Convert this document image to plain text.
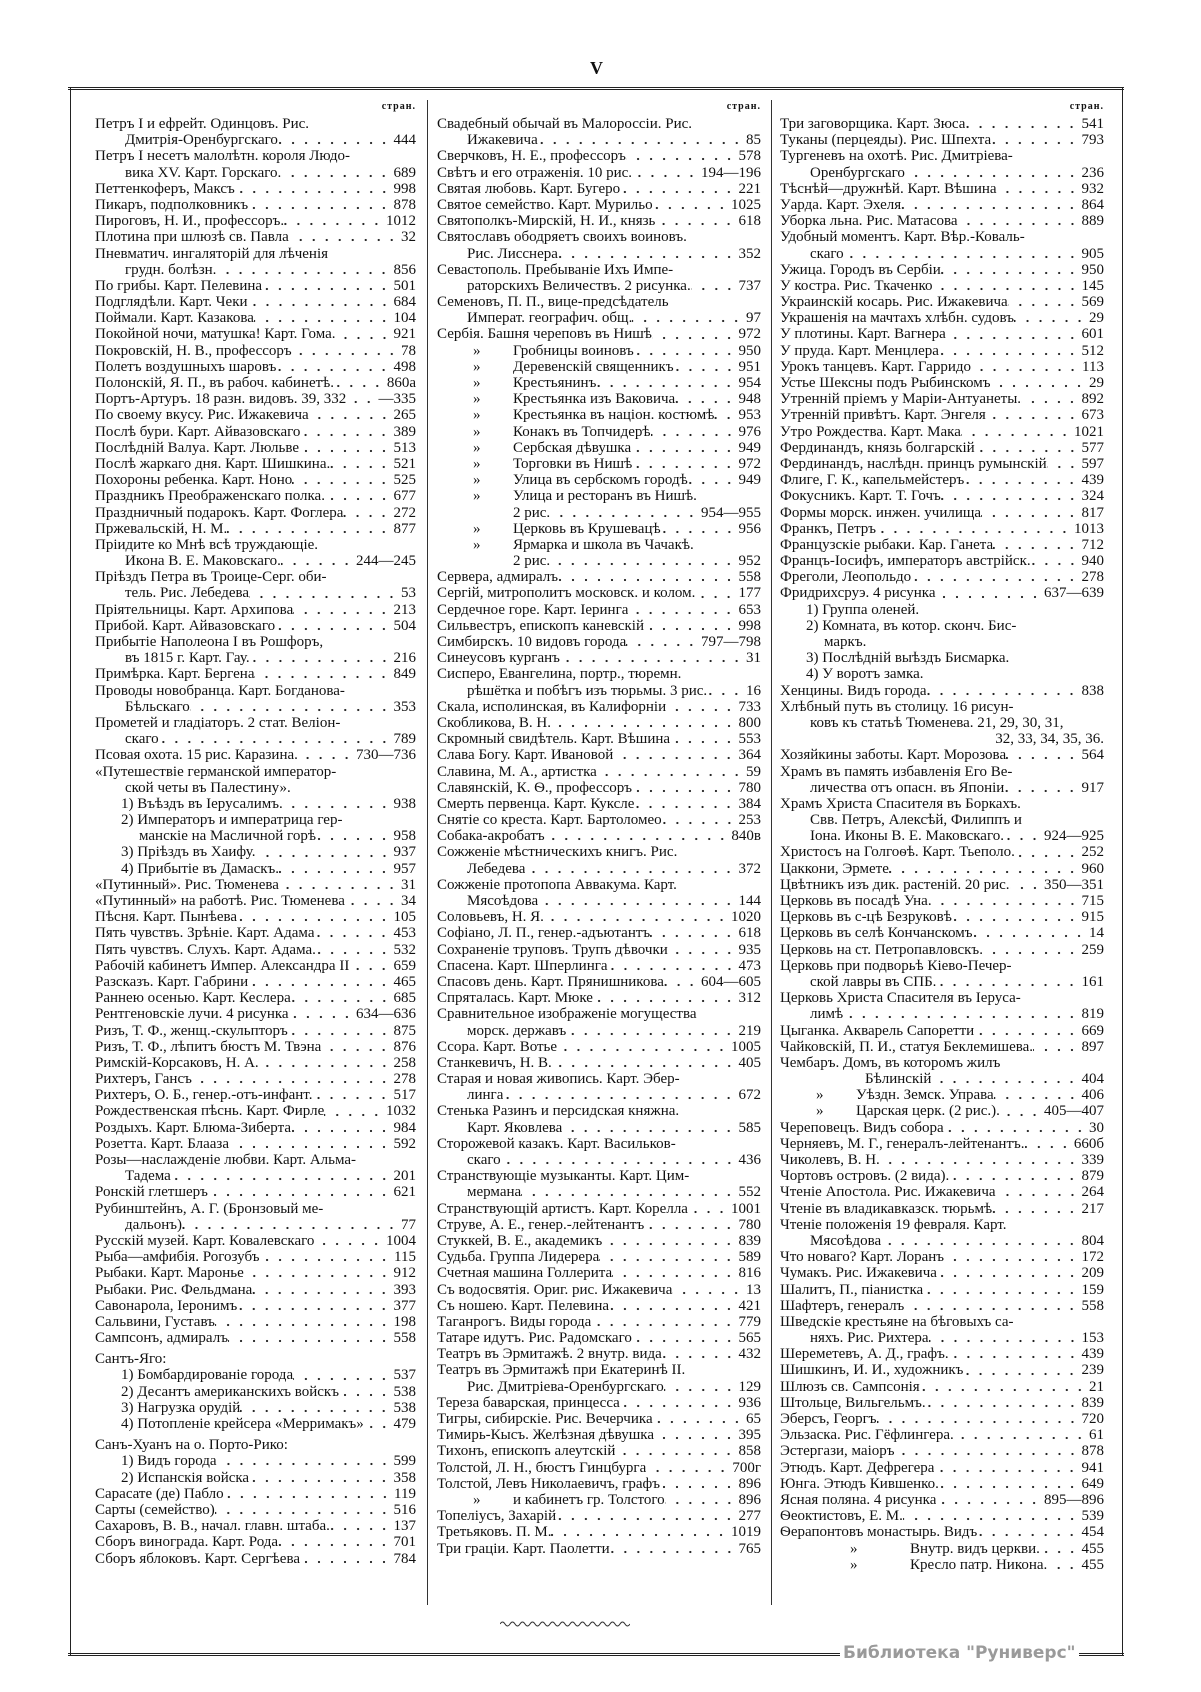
V
стран.
Петръ I и ефрейт. Одинцовъ. Рис.
Дмитрія-Оренбургскаго	444
Петръ I несетъ малолѣтн. короля Людо-
вика XV. Карт. Горскаго.	689
Петтенкоферъ, Максъ	998
Пикаръ, подполковникъ	878
Пироговъ, Н. И., профессоръ.	1012
Плотина при шлюзѣ св. Павла	32
Пневматич. ингаляторій для лѣченія
грудн. болѣзн.	856
По грибы. Карт. Пелевина	501
Подглядѣли. Карт. Чеки	684
Поймали. Карт. Казакова	104
Покойной ночи, матушка! Карт. Гома.	921
Покровскій, Н. В., профессоръ	78
Полетъ воздушныхъ шаровъ	498
Полонскій, Я. П., въ рабоч. кабинетѣ.	860а
Портъ-Артуръ. 18 разн. видовъ. 39, 332 —335
По своему вкусу. Рис. Ижакевича	265
Послѣ бури. Карт. Айвазовскаго	389
Послѣдній Валуа. Карт. Люльве	513
Послѣ жаркаго дня. Карт. Шишкина.	521
Похороны ребенка. Карт. Ноно	525
Праздникъ Преображенскаго полка.	677
Праздничный подарокъ. Карт. Фоглера	272
Пржевальскій, Н. М.	877
Пріидите ко Мнѣ всѣ труждающіе.
Икона В. Е. Маковскаго.	244—245
Пріѣздъ Петра въ Троице-Серг. оби-
тель. Рис. Лебедева	53
Пріятельницы. Карт. Архипова	213
Прибой. Карт. Айвазовскаго	504
Прибытіе Наполеона I въ Рошфоръ,
въ 1815 г. Карт. Гау.	216
Примѣрка. Карт. Бергена	849
Проводы новобранца. Карт. Богданова-
Бѣльскаго	353
Прометей и гладіаторъ. 2 стат. Веліон-
скаго	789
Псовая охота. 15 рис. Каразина.	730—736
«Путешествіе германской император-
ской четы въ Палестину».
1) Въѣздъ въ Іерусалимъ.	938
2) Императоръ и императрица гер-
манскіе на Масличной горѣ	958
3) Пріѣздъ въ Хаифу.	937
4) Прибытіе въ Дамаскъ.	957
«Путинный». Рис. Тюменева	31
«Путинный» на работѣ. Рис. Тюменева	34
Пѣсня. Карт. Пынѣева	105
Пять чувствъ. Зрѣніе. Карт. Адама	453
Пять чувствъ. Слухъ. Карт. Адама.	532
Рабочій кабинетъ Импер. Александра II	659
Разсказъ. Карт. Габрини	465
Раннею осенью. Карт. Кеслера	685
Рентгеновскіе лучи. 4 рисунка	634—636
Ризъ, Т. Ф., женщ.-скульпторъ	875
Ризъ, Т. Ф., лѣпитъ бюстъ М. Твэна	876
Римскій-Корсаковъ, Н. А.	258
Рихтеръ, Гансъ	278
Рихтеръ, О. Б., генер.-отъ-инфант.	517
Рождественская пѣснь. Карт. Фирле	1032
Роздыхъ. Карт. Блюма-Зиберта	984
Розетта. Карт. Блааза	592
Розы—наслажденіе любви. Карт. Альма-
Тадема	201
Ронскій глетшеръ	621
Рубинштейнъ, А. Г. (Бронзовый ме-
дальонъ)	77
Русскій музей. Карт. Ковалевскаго	1004
Рыба—амфибія. Рогозубъ	115
Рыбаки. Карт. Маронье	912
Рыбаки. Рис. Фельдмана	393
Савонарола, Іеронимъ	377
Сальвини, Густавъ	198
Сампсонъ, адмиралъ	558
Сантъ-Яго:
1) Бомбардированіе города	537
2) Десантъ американскихъ войскъ	538
3) Нагрузка орудій	538
4) Потопленіе крейсера «Мерримакъ» 479
Санъ-Хуанъ на о. Порто-Рико:
1) Видъ города	599
2) Испанскія войска	358
Сарасате (де) Пабло	119
Сарты (семейство)	516
Сахаровъ, В. В., начал. главн. штаба.	137
Сборъ винограда. Карт. Рода	701
Сборъ яблоковъ. Карт. Сергѣева	784
стран.
Свадебный обычай въ Малороссіи. Рис.
Ижакевича	85
Сверчковъ, Н. Е., профессоръ	578
Свѣтъ и его отраженія. 10 рис.	194—196
Святая любовь. Карт. Бугеро	221
Святое семейство. Карт. Мурильо	1025
Святополкъ-Мирскій, Н. И., князь	618
Святославъ ободряетъ своихъ воиновъ.
Рис. Лисснера	352
Севастополь. Пребываніе Ихъ Импе-
раторскихъ Величествъ. 2 рисунка.	737
Семеновъ, П. П., вице-предсѣдатель
Императ. географич. общ.	97
Сербія. Башня череповъ въ Нишѣ	972
»	Гробницы воиновъ	950
»	Деревенскій священникъ	951
»	Крестьянинъ	954
»	Крестьянка изъ Ваковича	948
»	Крестьянка въ націон. костюмѣ 953
»	Конакъ въ Топчидерѣ	976
»	Сербская дѣвушка	949
»	Торговки въ Нишѣ	972
»	Улица въ сербскомъ городѣ	949
»	Улица и ресторанъ въ Нишѣ.
2 рис.	954—955
»	Церковь въ Крушевацѣ	956
»	Ярмарка и школа въ Чачакѣ.
2 рис.	952
Сервера, адмиралъ	558
Сергій, митрополитъ московск. и колом.	177
Сердечное горе. Карт. Іеринга	653
Сильвестръ, епископъ каневскій	998
Симбирскъ. 10 видовъ города	797—798
Синеусовъ курганъ	31
Сисперо, Евангелина, портр., тюремн.
рѣшётка и побѣгъ изъ тюрьмы. 3 рис.	16
Скала, исполинская, въ Калифорніи	733
Скобликова, В. Н.	800
Скромный свидѣтель. Карт. Вѣшина	553
Слава Богу. Карт. Ивановой	364
Славина, М. А., артистка	59
Славянскій, К. Ѳ., профессоръ	780
Смерть первенца. Карт. Куксле	384
Снятіе со креста. Карт. Бартоломео	253
Собака-акробатъ	840в
Сожженіе мѣстническихъ книгъ. Рис.
Лебедева	372
Сожженіе протопопа Аввакума. Карт.
Мясоѣдова	144
Соловьевъ, Н. Я.	1020
Софіано, Л. П., генер.-адъютантъ	618
Сохраненіе труповъ. Трупъ дѣвочки	935
Спасена. Карт. Шперлинга	473
Спасовъ день. Карт. Прянишникова 604—605
Спряталась. Карт. Мюке	312
Сравнительное изображеніе могущества
морск. державъ	219
Ссора. Карт. Вотье	1005
Станкевичъ, Н. В.	405
Старая и новая живопись. Карт. Эбер-
линга	672
Стенька Разинъ и персидская княжна.
Карт. Яковлева	585
Сторожевой казакъ. Карт. Васильков-
скаго	436
Странствующіе музыканты. Карт. Цим-
мермана	552
Странствующій артистъ. Карт. Корелла	1001
Струве, А. Е., генер.-лейтенантъ	780
Стуккей, В. Е., академикъ	839
Судьба. Группа Лидерера	589
Счетная машина Голлерита	816
Съ водосвятія. Ориг. рис. Ижакевича	13
Съ ношею. Карт. Пелевина	421
Таганрогъ. Виды города	779
Татаре идутъ. Рис. Радомскаго	565
Театръ въ Эрмитажѣ. 2 внутр. вида	432
Театръ въ Эрмитажѣ при Екатеринѣ II.
Рис. Дмитріева-Оренбургскаго	129
Тереза баварская, принцесса	936
Тигры, сибирскіе. Рис. Вечерчика	65
Тимирь-Кысъ. Желѣзная дѣвушка	395
Тихонъ, епископъ алеутскій	858
Толстой, Л. Н., бюстъ Гинцбурга	700г
Толстой, Левъ Николаевичъ, графъ	896
»	и кабинетъ гр. Толстого	896
Топеліусъ, Захарій	277
Третьяковъ. П. М.	1019
Три граціи. Карт. Паолетти	765
стран.
Три заговорщика. Карт. Зюса	541
Туканы (перцеяды). Рис. Шпехта	793
Тургеневъ на охотѣ. Рис. Дмитріева-
Оренбургскаго	236
Тѣснѣй—дружнѣй. Карт. Вѣшина	932
Уарда. Карт. Эхеля	864
Уборка льна. Рис. Матасова	889
Удобный моментъ. Карт. Вѣр.-Коваль-
скаго	905
Ужица. Городъ въ Сербіи	950
У костра. Рис. Ткаченко	145
Украинскій косарь. Рис. Ижакевича	569
Украшенія на мачтахъ хлѣбн. судовъ	29
У плотины. Карт. Вагнера	601
У пруда. Карт. Менцлера	512
Урокъ танцевъ. Карт. Гарридо	113
Устье Шексны подъ Рыбинскомъ	29
Утренній пріемъ у Маріи-Антуанеты.	892
Утренній привѣтъ. Карт. Энгеля	673
Утро Рождества. Карт. Мака	1021
Фердинандъ, князь болгарскій	577
Фердинандъ, наслѣдн. принцъ румынскій 597
Флиге, Г. К., капельмейстеръ	439
Фокусникъ. Карт. Т. Гочъ	324
Формы морск. инжен. училища	817
Франкъ, Петръ	1013
Французскіе рыбаки. Кар. Ганета	712
Францъ-Іосифъ, императоръ австрійск.	940
Фреголи, Леопольдо	278
Фридрихсруэ. 4 рисунка	637—639
1) Группа оленей.
2) Комната, въ котор. сконч. Бис-
маркъ.
3) Послѣдній выѣздъ Бисмарка.
4) У воротъ замка.
Хенцины. Видъ города	838
Хлѣбный путь въ столицу. 16 рисун-
ковъ къ статьѣ Тюменева. 21, 29, 30, 31,
32, 33, 34, 35, 36.
Хозяйкины заботы. Карт. Морозова	564
Храмъ въ память избавленія Его Ве-
личества отъ опасн. въ Японіи	917
Храмъ Христа Спасителя въ Боркахъ.
Свв. Петръ, Алексѣй, Филиппъ и
Іона. Иконы В. Е. Маковскаго.	924—925
Христосъ на Голгоѳѣ. Карт. Тьеполо.	252
Цаккони, Эрмете	960
Цвѣтникъ изъ дик. растеній. 20 рис. 350—351
Церковь въ посадѣ Уна.	715
Церковь въ с-цѣ Безруковѣ	915
Церковь въ селѣ Кончанскомъ	14
Церковь на ст. Петропавловскъ.	259
Церковь при подворьѣ Кіево-Печер-
ской лавры въ СПБ.	161
Церковь Христа Спасителя въ Іеруса-
лимѣ	819
Цыганка. Акварель Сапоретти	669
Чайковскій, П. И., статуя Беклемишева.	897
Чембаръ. Домъ, въ которомъ жилъ
Бѣлинскій	404
»	Уѣздн. Земск. Управа	406
»	Царская церк. (2 рис.).	405—407
Череповецъ. Видъ собора	30
Черняевъ, М. Г., генералъ-лейтенантъ.	660б
Чиколевъ, В. Н.	339
Чортовъ островъ. (2 вида).	879
Чтеніе Апостола. Рис. Ижакевича	264
Чтеніе въ владикавказск. тюрьмѣ	217
Чтеніе положенія 19 февраля. Карт.
Мясоѣдова	804
Что новаго? Карт. Лоранъ	172
Чумакъ. Рис. Ижакевича	209
Шалитъ, П., піанистка	159
Шафтеръ, генералъ	558
Шведскіе крестьяне на бѣговыхъ са-
няхъ. Рис. Рихтера	153
Шереметевъ, А. Д., графъ.	439
Шишкинъ, И. И., художникъ	239
Шлюзъ св. Сампсонія	21
Штольце, Вильгельмъ.	839
Эберсъ, Георгъ	720
Эльзаска. Рис. Гёфлингера.	61
Эстергази, маіоръ	878
Этюдъ. Карт. Дефрегера	941
Юнга. Этюдъ Кившенко.	649
Ясная поляна. 4 рисунка	895—896
Ѳеоктистовъ, Е. М.	539
Ѳерапонтовъ монастырь. Видъ	454
»	Внутр. видъ церкви.	455
»	Кресло патр. Никона. 455
Библиотека "Руниверс"
